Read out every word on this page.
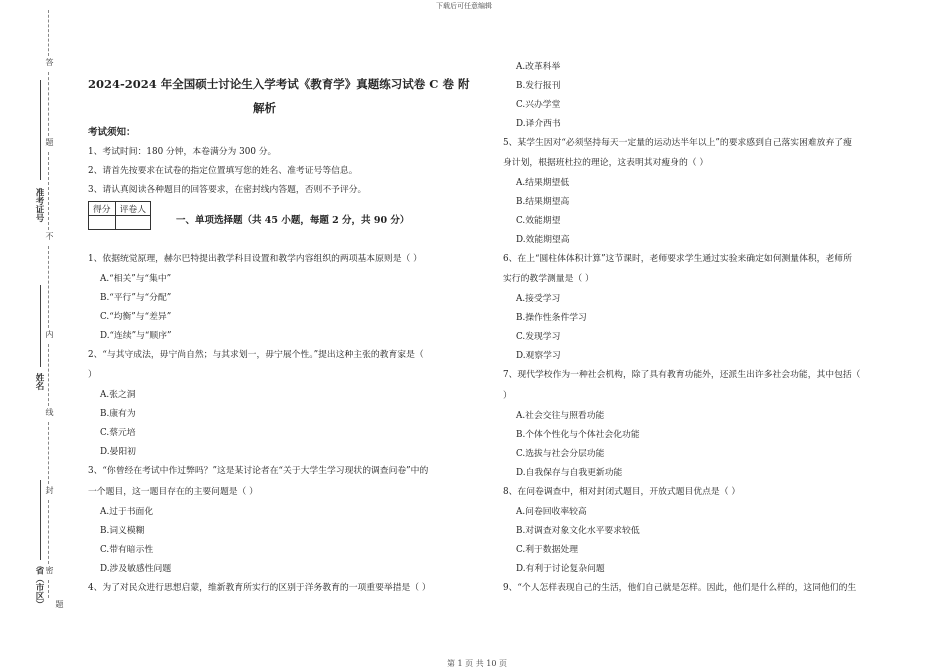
下载后可任意编辑
第 1 页 共 10 页
答
题
不
内
线
封
密
准考证号
姓名
省（市区） 题
2024-2024 年全国硕士讨论生入学考试《教育学》真题练习试卷 C 卷 附
解析
考试须知：
1、考试时间：180 分钟，本卷满分为 300 分。
2、请首先按要求在试卷的指定位置填写您的姓名、准考证号等信息。
3、请认真阅读各种题目的回答要求，在密封线内答题，否则不予评分。
得分	评卷人

一、单项选择题（共 45 小题，每题 2 分，共 90 分）
1、依据统觉原理，赫尔巴特提出教学科目设置和教学内容组织的两项基本原则是（ ）
A.“相关”与“集中”
B.“平行”与“分配”
C.“均衡”与“差异”
D.“连续”与“顺序”
2、“与其守成法，毋宁尚自然；与其求划一，毋宁展个性。”提出这种主张的教育家是（
）
A.张之洞
B.康有为
C.蔡元培
D.晏阳初
3、“你曾经在考试中作过弊吗？”这是某讨论者在“关于大学生学习现状的调查问卷”中的
一个题目，这一题目存在的主要问题是（ ）
A.过于书面化
B.词义模糊
C.带有暗示性
D.涉及敏感性问题
4、为了对民众进行思想启蒙，维新教育所实行的区别于洋务教育的一项重要举措是（ ）
A.改革科举
B.发行报刊
C.兴办学堂
D.译介西书
5、某学生因对“必须坚持每天一定量的运动达半年以上”的要求感到自己落实困难放弃了瘦
身计划，根据班杜拉的理论，这表明其对瘦身的（ ）
A.结果期望低
B.结果期望高
C.效能期望
D.效能期望高
6、在上“圆柱体体积计算”这节课时，老师要求学生通过实验来确定如何测量体积，老师所
实行的教学测量是（ ）
A.接受学习
B.操作性条件学习
C.发现学习
D.观察学习
7、现代学校作为一种社会机构，除了具有教育功能外，还派生出许多社会功能，其中包括（
）
A.社会交往与照看功能
B.个体个性化与个体社会化功能
C.选拔与社会分层功能
D.自我保存与自我更新功能
8、在问卷调查中，相对封闭式题目，开放式题目优点是（ ）
A.问卷回收率较高
B.对调查对象文化水平要求较低
C.利于数据处理
D.有利于讨论复杂问题
9、“个人怎样表现自己的生活，他们自己就是怎样。因此，他们是什么样的，这同他们的生
